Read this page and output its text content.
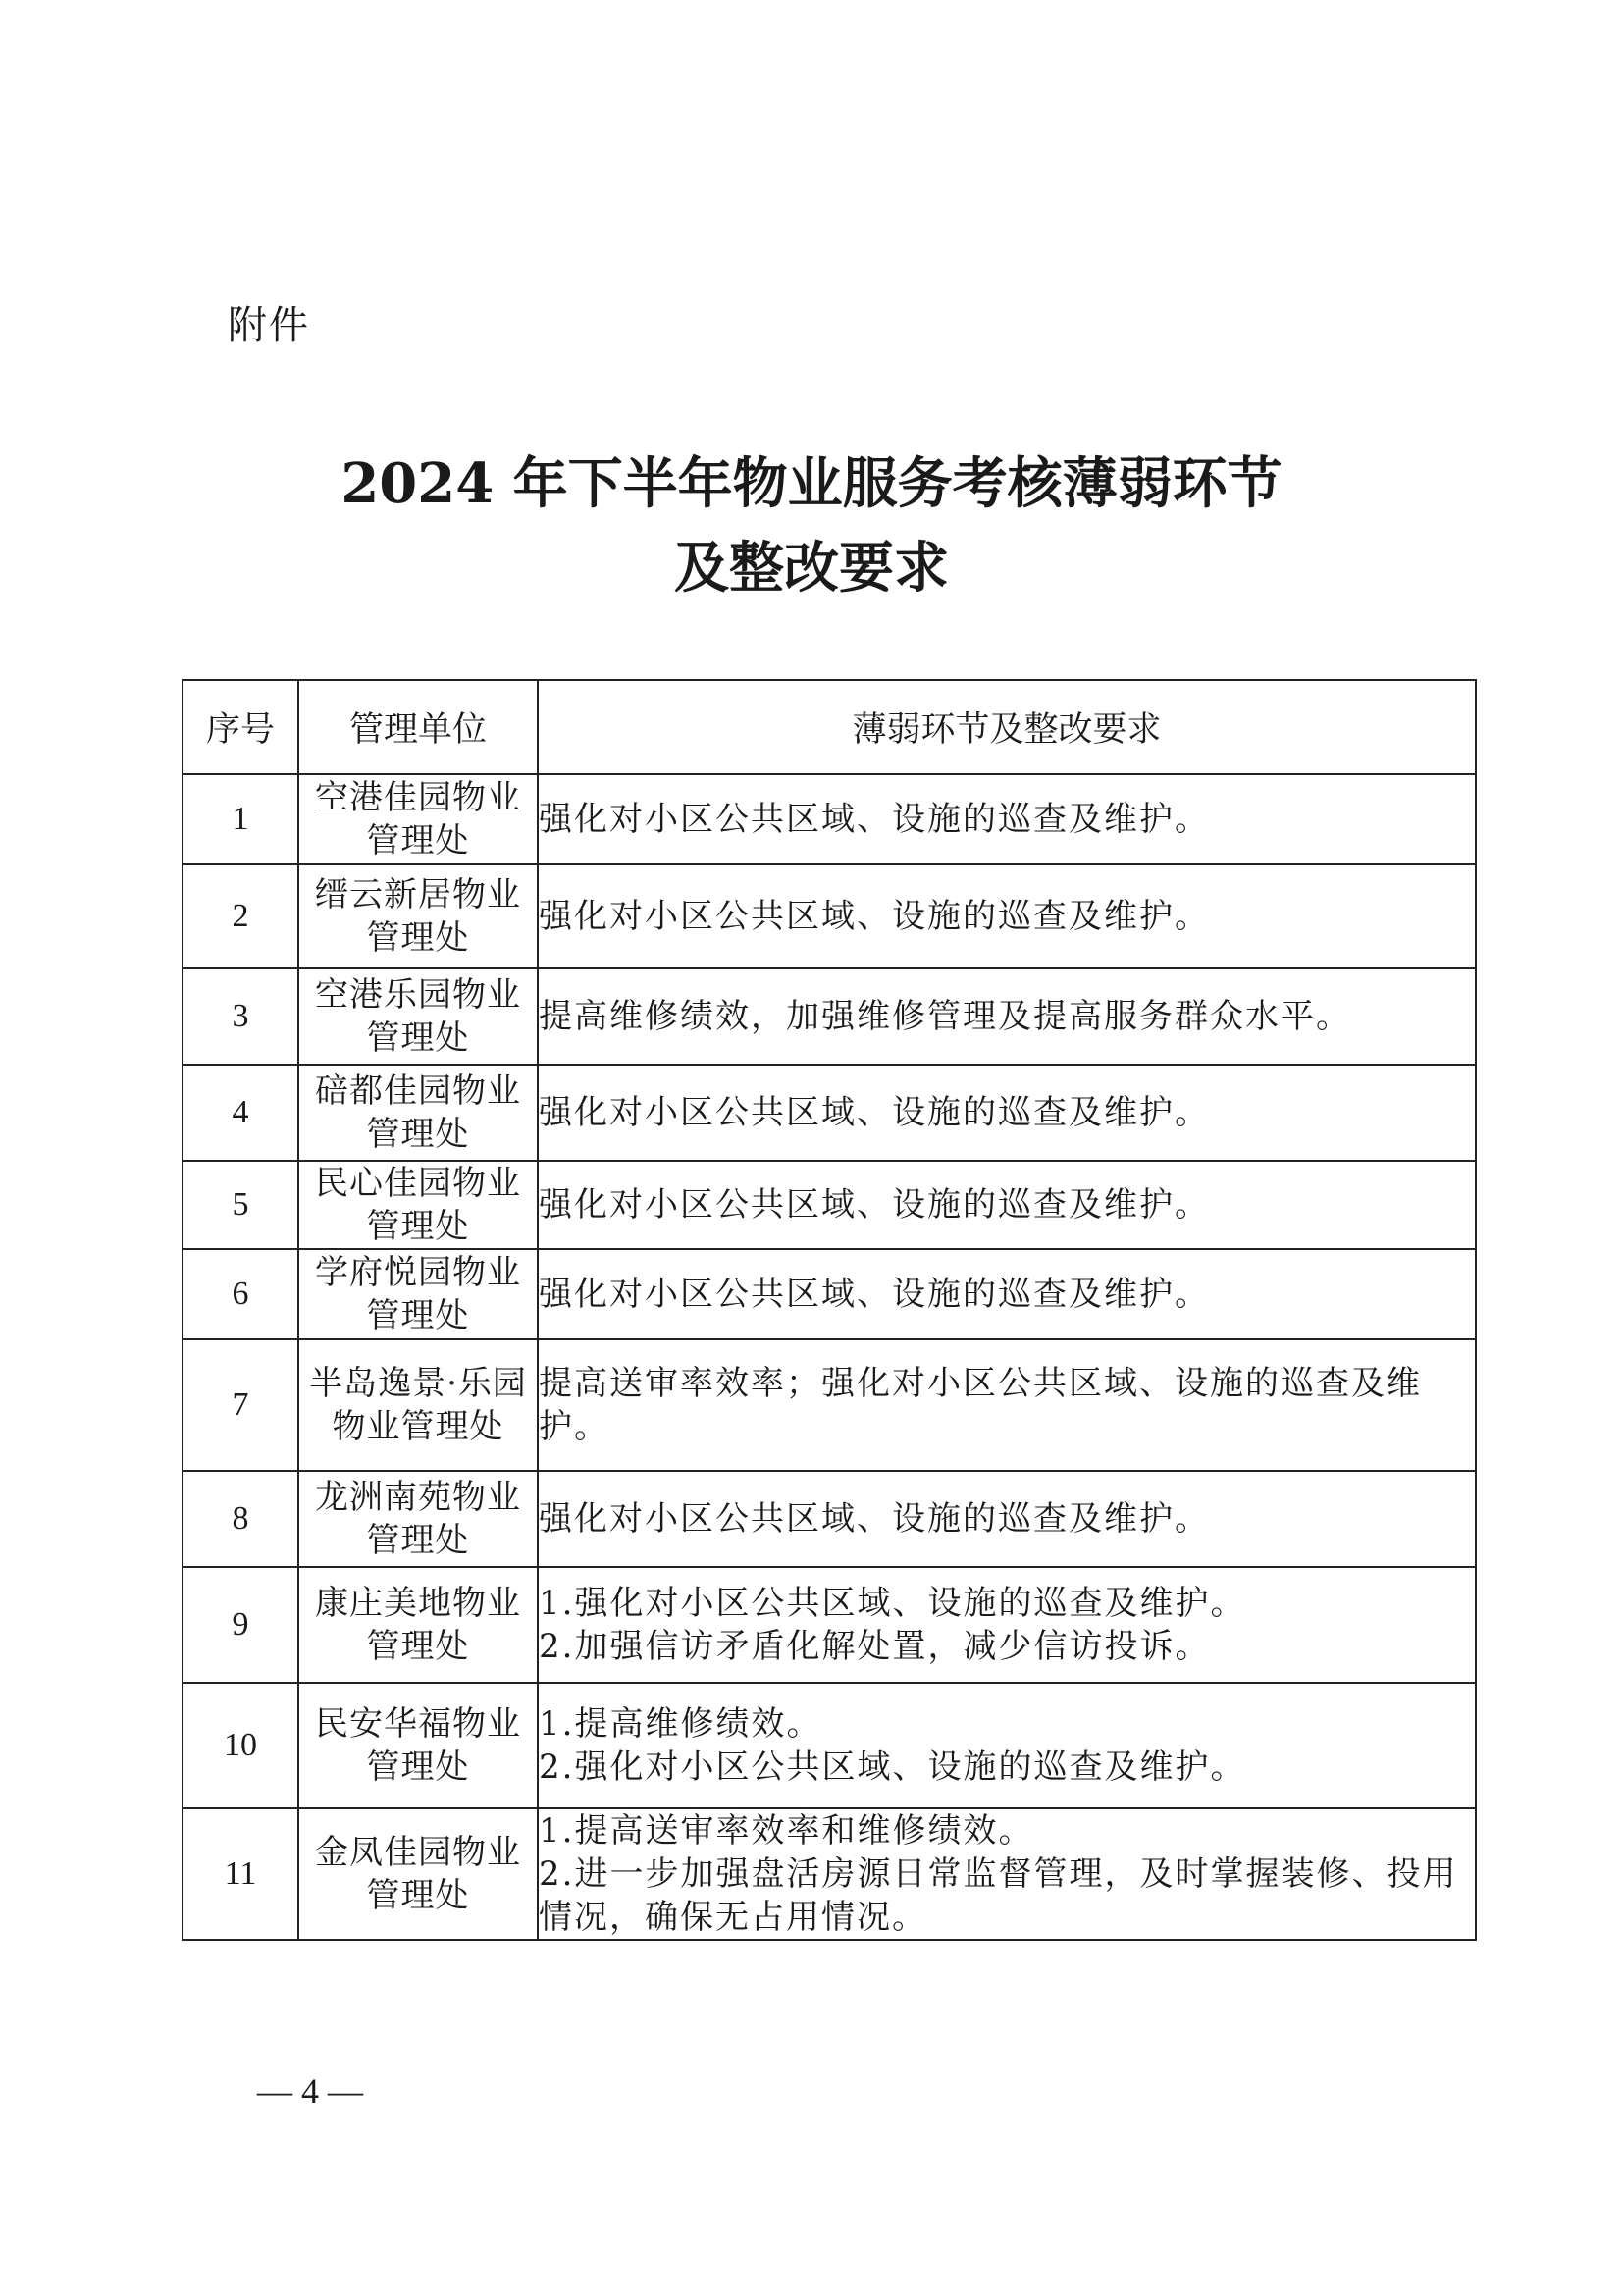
附件
2024 年下半年物业服务考核薄弱环节
及整改要求
序号	管理单位	薄弱环节及整改要求
1	空港佳园物业管理处	强化对小区公共区域、设施的巡查及维护。

2	缙云新居物业管理处	强化对小区公共区域、设施的巡查及维护。

3	空港乐园物业管理处	提高维修绩效，加强维修管理及提高服务群众水平。

4	碚都佳园物业管理处	强化对小区公共区域、设施的巡查及维护。

5	民心佳园物业管理处	强化对小区公共区域、设施的巡查及维护。

6	学府悦园物业管理处	强化对小区公共区域、设施的巡查及维护。

7	半岛逸景·乐园物业管理处	提高送审率效率；强化对小区公共区域、设施的巡查及维护。

8	龙洲南苑物业管理处	强化对小区公共区域、设施的巡查及维护。

9	康庄美地物业管理处	1.强化对小区公共区域、设施的巡查及维护。
2.加强信访矛盾化解处置，减少信访投诉。

10	民安华福物业管理处	1.提高维修绩效。
2.强化对小区公共区域、设施的巡查及维护。

11	金凤佳园物业管理处	1.提高送审率效率和维修绩效。
2.进一步加强盘活房源日常监督管理，及时掌握装修、投用情况，确保无占用情况。
— 4 —
